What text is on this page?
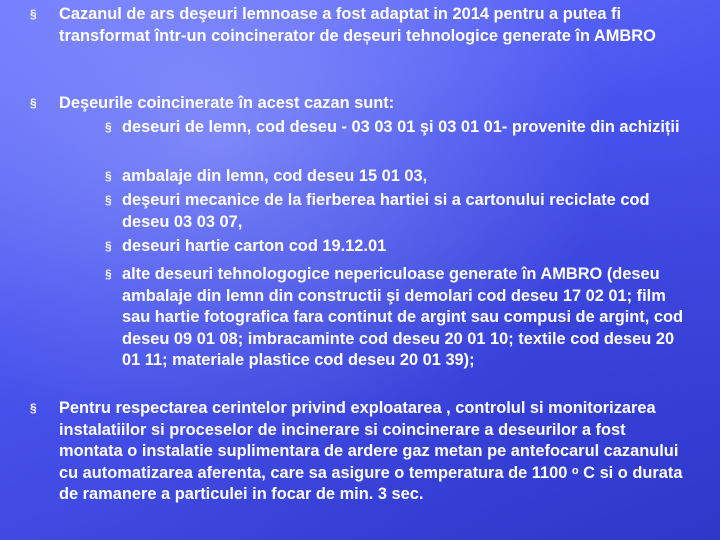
§	Cazanul de ars deşeuri lemnoase a fost adaptat in 2014 pentru a putea fi transformat într-un coincinerator de deșeuri tehnologice generate în AMBRO
§	Deşeurile coincinerate în acest cazan sunt:
§ deseuri de lemn, cod deseu - 03 03 01 şi 03 01 01- provenite din achiziții
§ ambalaje din lemn, cod deseu 15 01 03,
§ deşeuri mecanice de la fierberea hartiei si a cartonului reciclate cod deseu 03 03 07,
§ deseuri hartie carton cod 19.12.01
§ alte deseuri tehnologogice nepericuloase generate în AMBRO (deseu ambalaje din lemn din constructii şi demolari cod deseu 17 02 01; film sau hartie fotografica fara continut de argint sau compusi de argint, cod deseu 09 01 08; imbracaminte cod deseu 20 01 10; textile cod deseu 20 01 11; materiale plastice cod deseu 20 01 39);
§	Pentru respectarea cerintelor privind exploatarea , controlul si monitorizarea instalatiilor si proceselor de incinerare si coincinerare a deseurilor a fost montata o instalatie suplimentara de ardere gaz metan pe antefocarul cazanului cu automatizarea aferenta, care sa asigure o temperatura de 1100 ᵒ C si o durata de ramanere a particulei in focar de min. 3 sec.
